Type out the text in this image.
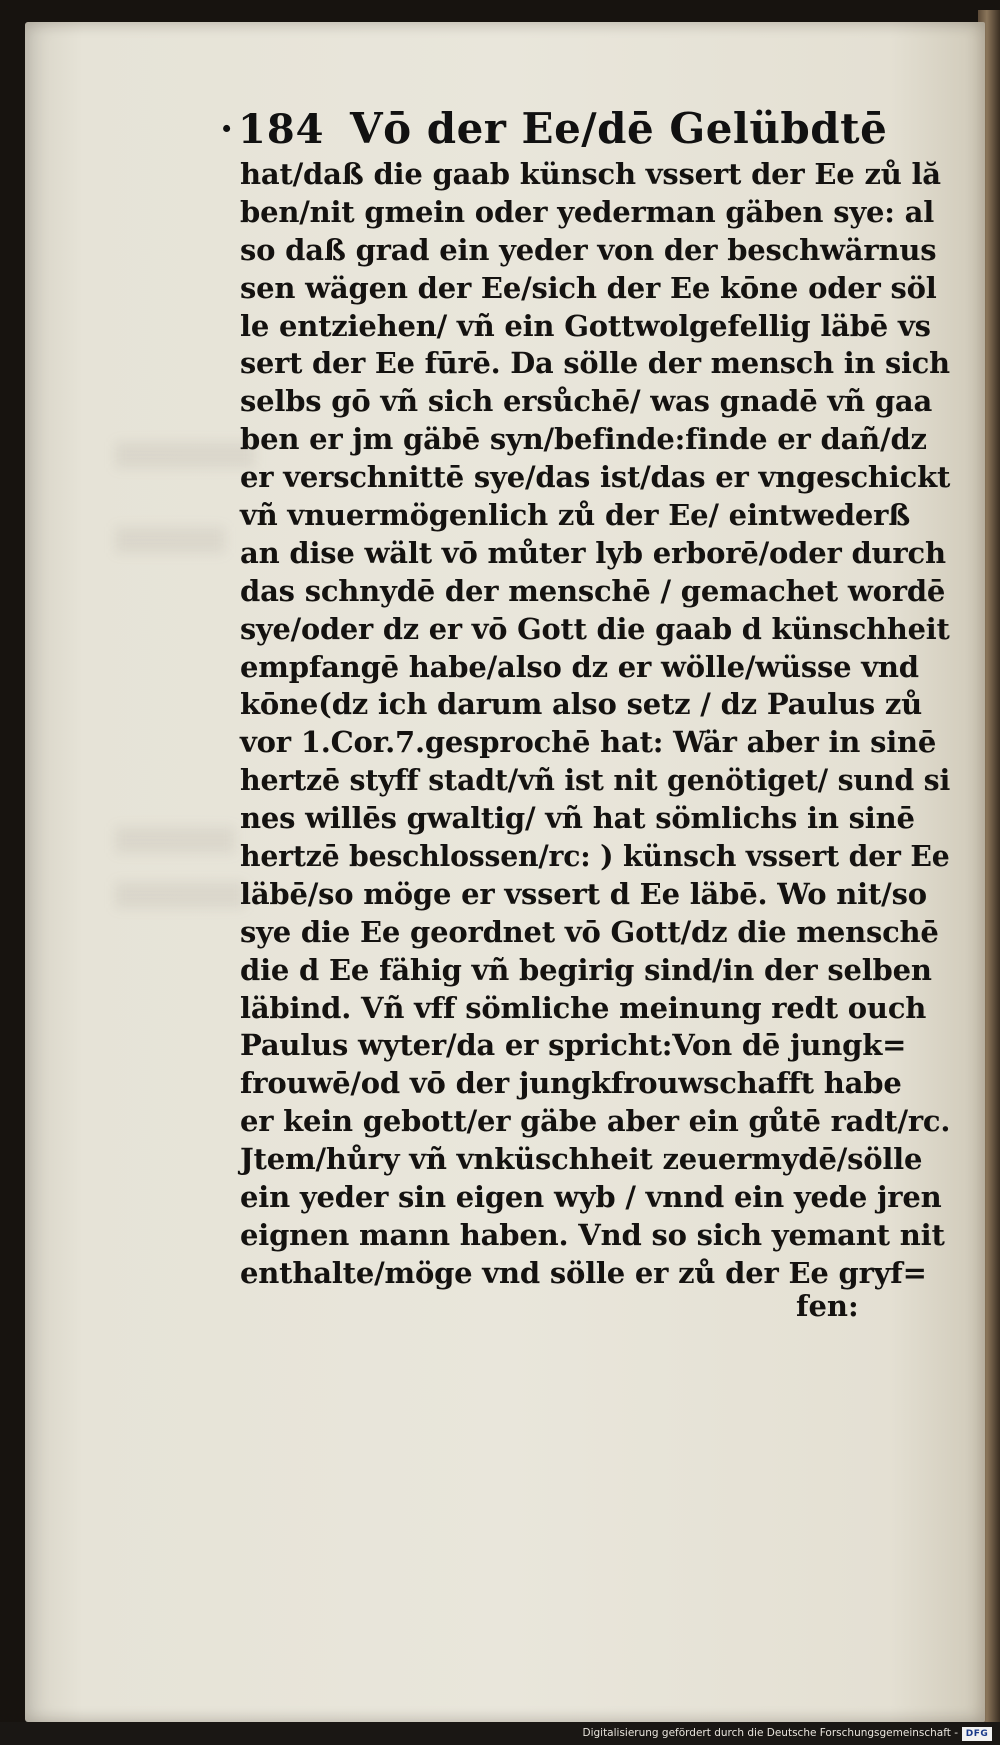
· 184 Vō der Ee/dē Gelübdtē
hat/daß die gaab künsch vssert der Ee zů lă
ben/nit gmein oder yederman gäben sye: al
so daß grad ein yeder von der beschwärnus
sen wägen der Ee/sich der Ee kōne oder söl
le entziehen/ vñ ein Gottwolgefellig läbē vs
sert der Ee fūrē. Da sölle der mensch in sich
selbs gō vñ sich ersůchē/ was gnadē vñ gaa
ben er jm gäbē syn/befinde:finde er dañ/dz
er verschnittē sye/das ist/das er vngeschickt
vñ vnuermögenlich zů der Ee/ eintwederß
an dise wält vō můter lyb erborē/oder durch
das schnydē der menschē / gemachet wordē
sye/oder dz er vō Gott die gaab d künschheit
empfangē habe/also dz er wölle/wüsse vnd
kōne(dz ich darum also setz / dz Paulus zů
vor 1.Cor.7.gesprochē hat: Wär aber in sinē
hertzē styff stadt/vñ ist nit genötiget/ sund si
nes willēs gwaltig/ vñ hat sömlichs in sinē
hertzē beschlossen/rc: ) künsch vssert der Ee
läbē/so möge er vssert d Ee läbē. Wo nit/so
sye die Ee geordnet vō Gott/dz die menschē
die d Ee fähig vñ begirig sind/in der selben
läbind. Vñ vff sömliche meinung redt ouch
Paulus wyter/da er spricht:Von dē jungk=
frouwē/od vō der jungkfrouwschafft habe
er kein gebott/er gäbe aber ein gůtē radt/rc.
Jtem/hůry vñ vnküschheit zeuermydē/sölle
ein yeder sin eigen wyb / vnnd ein yede jren
eignen mann haben. Vnd so sich yemant nit
enthalte/möge vnd sölle er zů der Ee gryf=
fen:
Digitalisierung gefördert durch die Deutsche Forschungsgemeinschaft - DFG
